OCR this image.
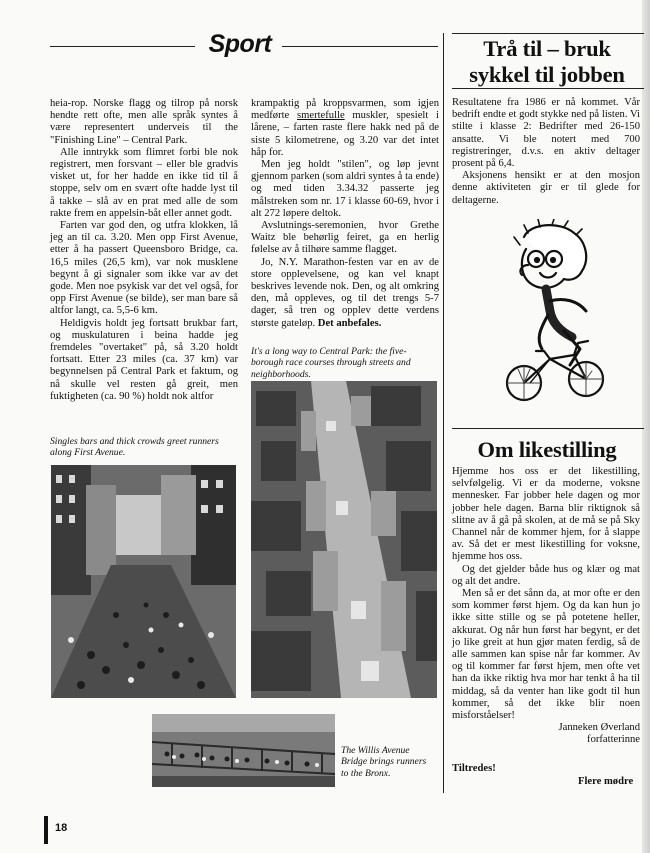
Sport

heia-rop. Norske flagg og tilrop på norsk hendte rett ofte, men alle språk syntes å være representert underveis til the "Finishing Line" – Central Park.

Alle inntrykk som flimret forbi ble nok registrert, men forsvant – eller ble gradvis visket ut, for her hadde en ikke tid til å stoppe, selv om en svært ofte hadde lyst til å takke – slå av en prat med alle de som rakte frem en appelsin-båt eller annet godt.

Farten var god den, og utfra klokken, lå jeg an til ca. 3.20. Men opp First Avenue, etter å ha passert Queensboro Bridge, ca. 16,5 miles (26,5 km), var nok musklene begynt å gi signaler som ikke var av det gode. Men noe psykisk var det vel også, for opp First Avenue (se bilde), ser man bare så altfor langt, ca. 5,5-6 km.

Heldigvis holdt jeg fortsatt brukbar fart, og muskulaturen i beina hadde jeg fremdeles "overtaket" på, så 3.20 holdt fortsatt. Etter 23 miles (ca. 37 km) var begynnelsen på Central Park et faktum, og nå skulle vel resten gå greit, men fuktigheten (ca. 90 %) holdt nok altfor

krampaktig på kroppsvarmen, som igjen medførte smertefulle muskler, spesielt i lårene, – farten raste flere hakk ned på de siste 5 kilometrene, og 3.20 var det intet håp for.

Men jeg holdt "stilen", og løp jevnt gjennom parken (som aldri syntes å ta ende) og med tiden 3.34.32 passerte jeg målstreken som nr. 17 i klasse 60-69, hvor i alt 272 løpere deltok.

Avslutnings-seremonien, hvor Grethe Waitz ble behørlig feiret, ga en herlig følelse av å tilhøre samme flagget.

Jo, N.Y. Marathon-festen var en av de store opplevelsene, og kan vel knapt beskrives levende nok. Den, og alt omkring den, må oppleves, og til det trengs 5-7 dager, så tren og opplev dette verdens største gateløp. Det anbefales.

Singles bars and thick crowds greet runners along First Avenue.
It's a long way to Central Park: the five-borough race courses through streets and neighborhoods.
The Willis Avenue Bridge brings runners to the Bronx.
Trå til – bruk sykkel til jobben

Resultatene fra 1986 er nå kommet. Vår bedrift endte et godt stykke ned på listen. Vi stilte i klasse 2: Bedrifter med 26-150 ansatte. Vi ble notert med 700 registreringer, d.v.s. en aktiv deltager prosent på 6,4.

Aksjonens hensikt er at den mosjon denne aktiviteten gir er til glede for deltagerne.

Om likestilling

Hjemme hos oss er det likestilling, selvfølgelig. Vi er da moderne, voksne mennesker. Far jobber hele dagen og mor jobber hele dagen. Barna blir riktignok så slitne av å gå på skolen, at de må se på Sky Channel når de kommer hjem, for å slappe av. Så det er mest likestilling for voksne, hjemme hos oss.

Og det gjelder både hus og klær og mat og alt det andre.

Men så er det sånn da, at mor ofte er den som kommer først hjem. Og da kan hun jo ikke sitte stille og se på potetene heller, akkurat. Og når hun først har begynt, er det jo like greit at hun gjør maten ferdig, så de alle sammen kan spise når far kommer. Av og til kommer far først hjem, men ofte vet han da ikke riktig hva mor har tenkt å ha til middag, så da venter han like godt til hun kommer, så det ikke blir noen misforståelser!

Janneken Øverland

forfatterinne

Tiltredes!
Flere mødre
18
